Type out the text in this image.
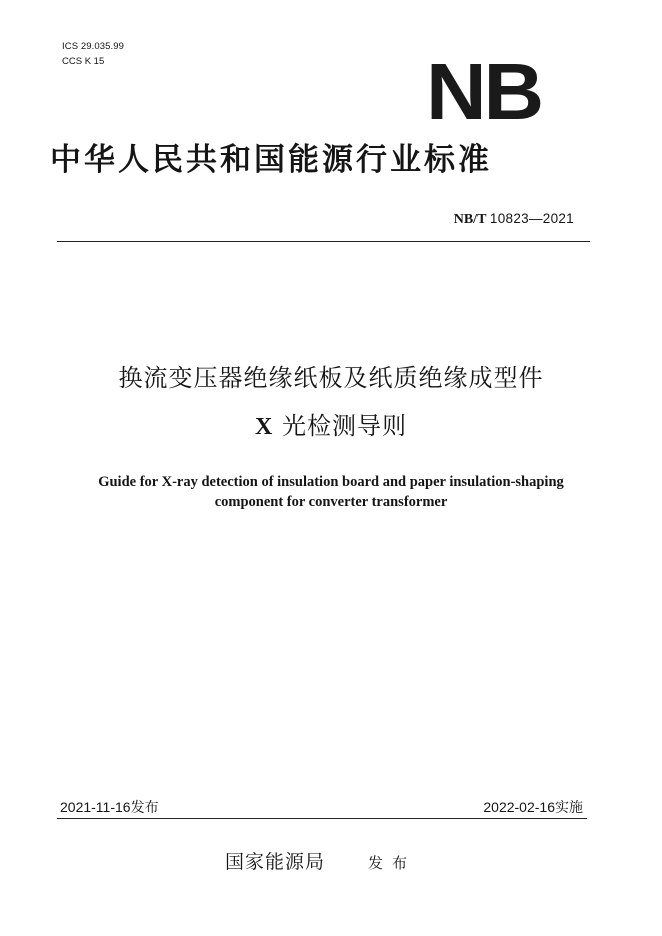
ICS 29.035.99
CCS K 15	NB
中华人民共和国能源行业标准
NB/T 10823—2021
换流变压器绝缘纸板及纸质绝缘成型件
X 光检测导则
Guide for X-ray detection of insulation board and paper insulation-shaping
component for converter transformer
2021-11-16发布	2022-02-16实施
国家能源局	发布
